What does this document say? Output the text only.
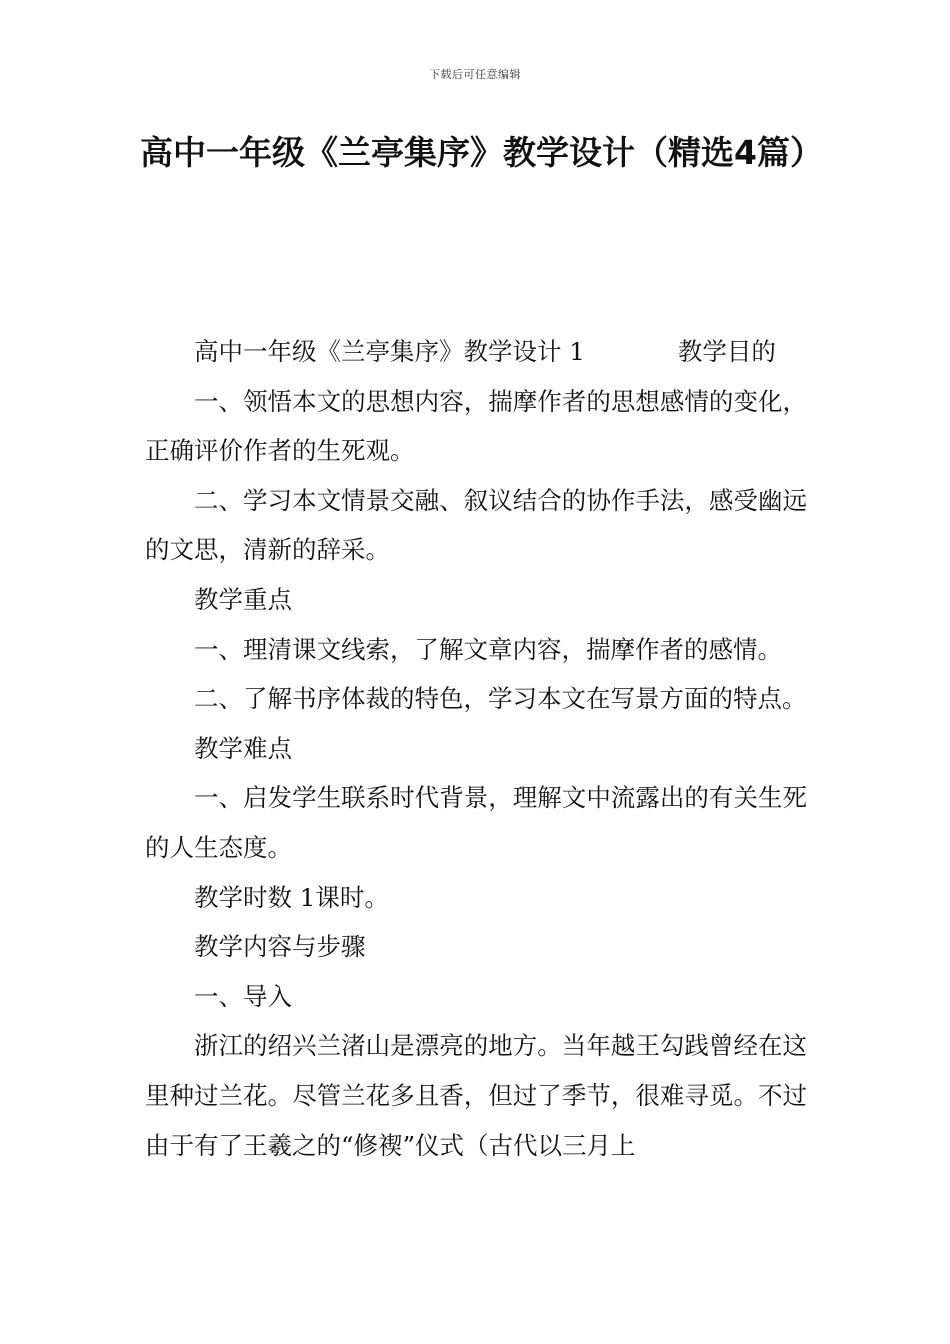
下载后可任意编辑
高中一年级《兰亭集序》教学设计（精选4篇）

高中一年级《兰亭集序》教学设计 1	教学目的

一、领悟本文的思想内容，揣摩作者的思想感情的变化，正确评价作者的生死观。

二、学习本文情景交融、叙议结合的协作手法，感受幽远的文思，清新的辞采。

教学重点

一、理清课文线索，了解文章内容，揣摩作者的感情。

二、了解书序体裁的特色，学习本文在写景方面的特点。

教学难点

一、启发学生联系时代背景，理解文中流露出的有关生死的人生态度。

教学时数 1课时。

教学内容与步骤

一、导入

浙江的绍兴兰渚山是漂亮的地方。当年越王勾践曾经在这里种过兰花。尽管兰花多且香，但过了季节，很难寻觅。不过由于有了王羲之的“修褉”仪式（古代以三月上
